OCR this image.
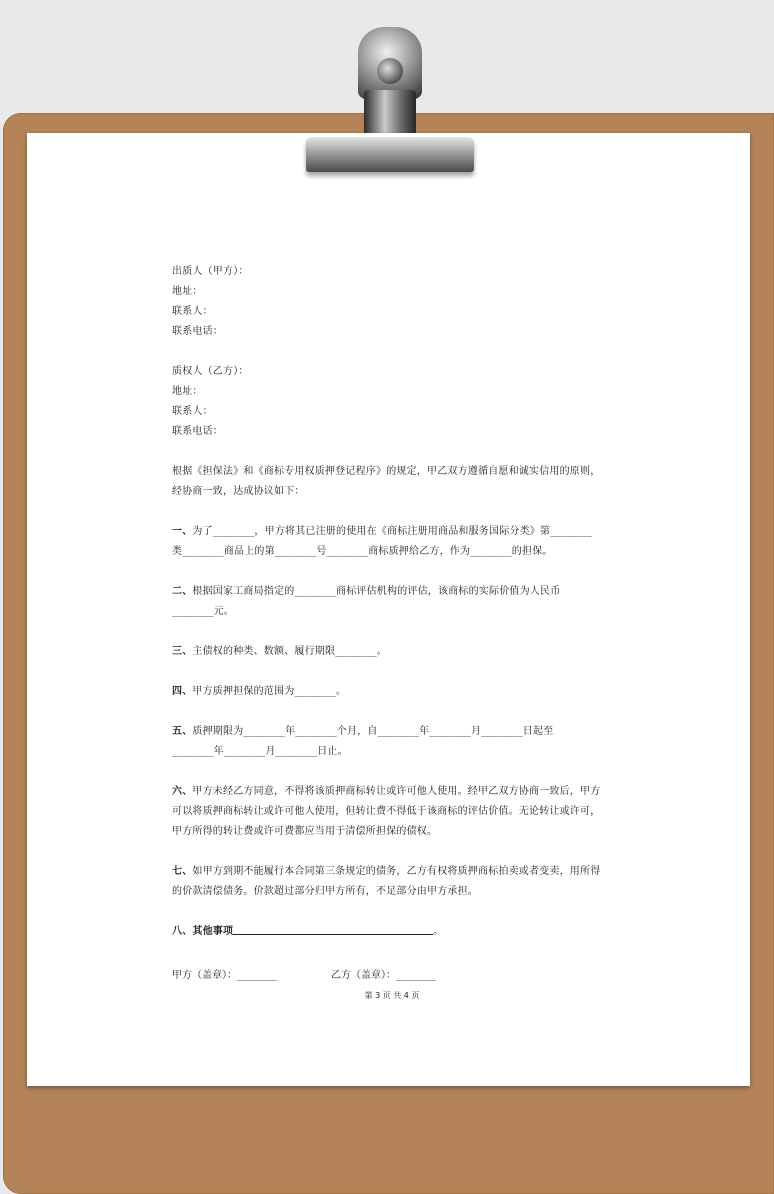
出质人（甲方）：

地址：

联系人：

联系电话：

质权人（乙方）：

地址：

联系人：

联系电话：

根据《担保法》和《商标专用权质押登记程序》的规定，甲乙双方遵循自愿和诚实信用的原则，

经协商一致，达成协议如下：

一、为了________，甲方将其已注册的使用在《商标注册用商品和服务国际分类》第________

类________商品上的第________号________商标质押给乙方，作为________的担保。

二、根据国家工商局指定的________商标评估机构的评估，该商标的实际价值为人民币

________元。

三、主债权的种类、数额、履行期限________。

四、甲方质押担保的范围为________。

五、质押期限为________年________个月，自________年________月________日起至

________年________月________日止。

六、甲方未经乙方同意，不得将该质押商标转让或许可他人使用。经甲乙双方协商一致后，甲方

可以将质押商标转让或许可他人使用，但转让费不得低于该商标的评估价值。无论转让或许可，

甲方所得的转让费或许可费都应当用于清偿所担保的债权。

七、如甲方到期不能履行本合同第三条规定的债务，乙方有权将质押商标拍卖或者变卖，用所得

的价款清偿债务。价款超过部分归甲方所有，不足部分由甲方承担。

八、其他事项	。

甲方（盖章）：________	乙方（盖章）：________
第 3 页 共 4 页
